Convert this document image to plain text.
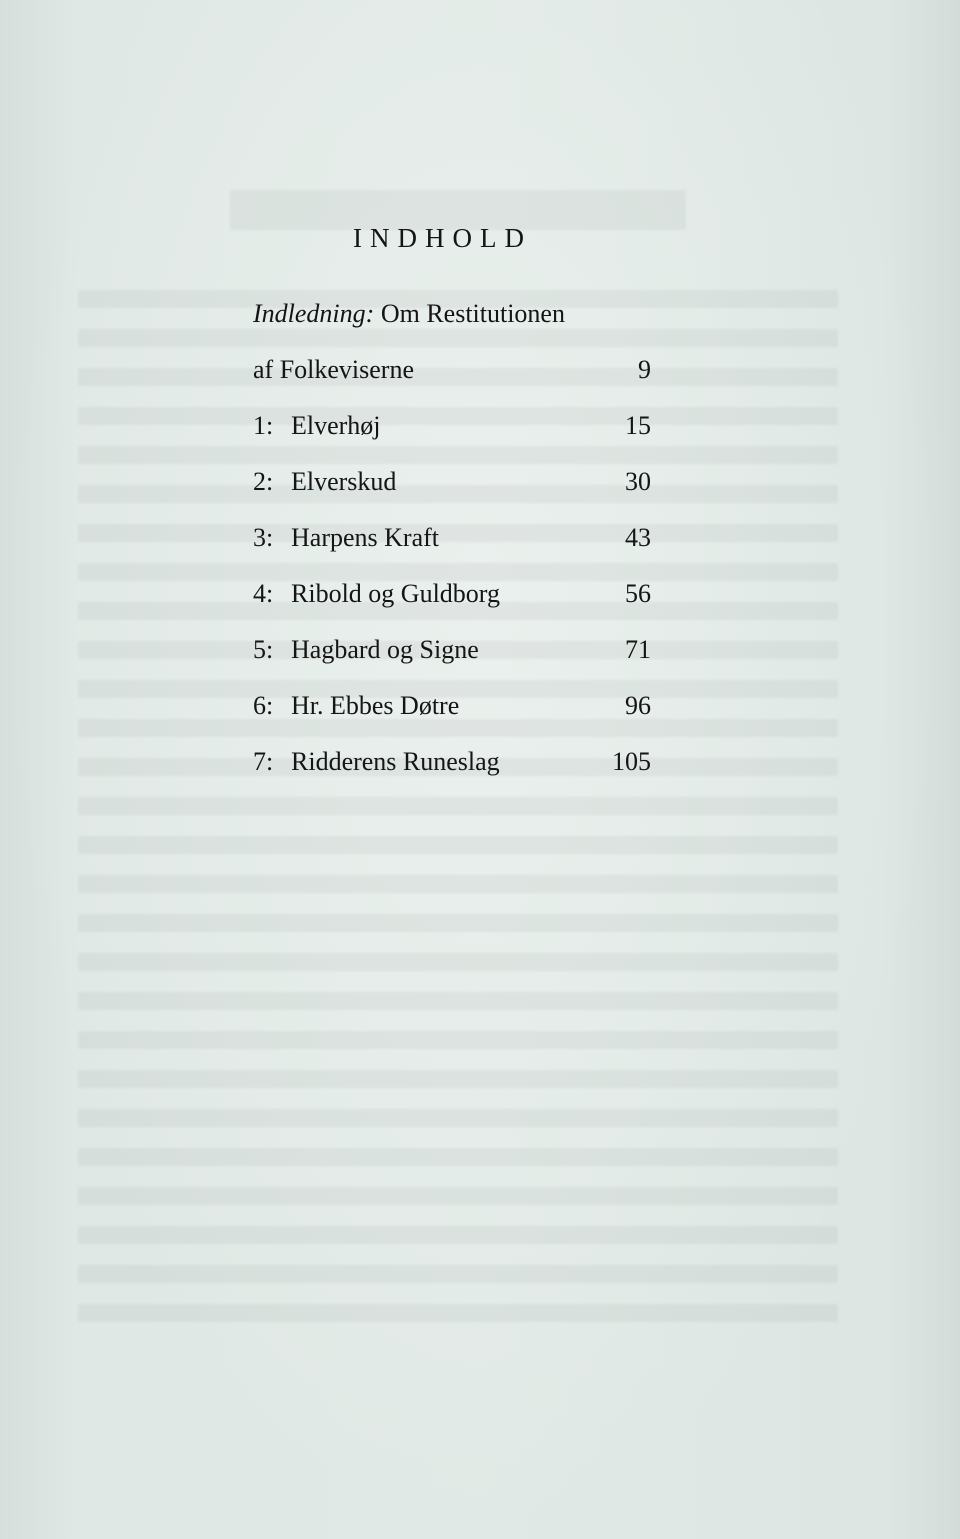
INDHOLD
Indledning: Om Restitutionen
af Folkeviserne	9
1: Elverhøj	15
2: Elverskud	30
3: Harpens Kraft	43
4: Ribold og Guldborg	56
5: Hagbard og Signe	71
6: Hr. Ebbes Døtre	96
7: Ridderens Runeslag	105
